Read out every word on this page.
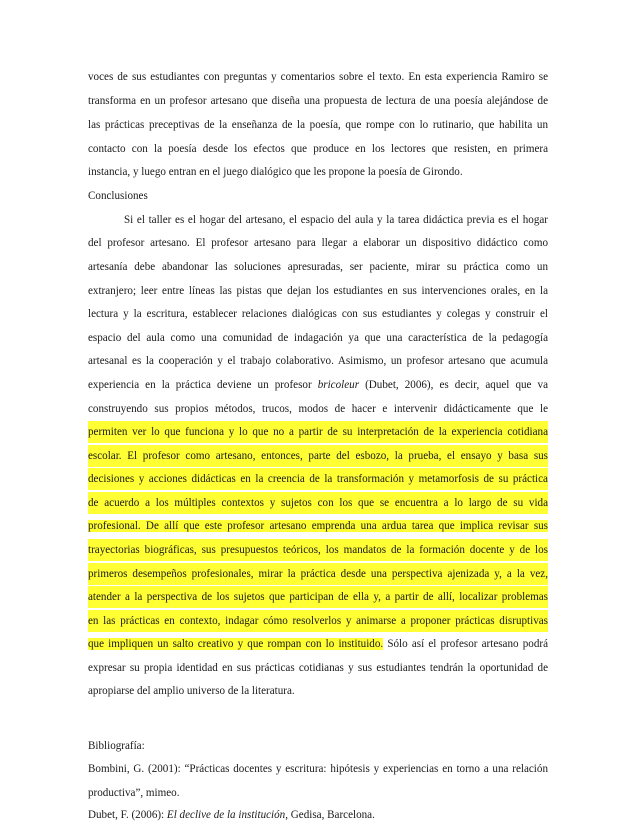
voces de sus estudiantes con preguntas y comentarios sobre el texto. En esta experiencia Ramiro se
transforma en un profesor artesano que diseña una propuesta de lectura de una poesía alejándose de
las prácticas preceptivas de la enseñanza de la poesía, que rompe con lo rutinario, que habilita un
contacto con la poesía desde los efectos que produce en los lectores que resisten, en primera
instancia, y luego entran en el juego dialógico que les propone la poesía de Girondo.
Conclusiones
Si el taller es el hogar del artesano, el espacio del aula y la tarea didáctica previa es el hogar
del profesor artesano. El profesor artesano para llegar a elaborar un dispositivo didáctico como
artesanía debe abandonar las soluciones apresuradas, ser paciente, mirar su práctica como un
extranjero; leer entre líneas las pistas que dejan los estudiantes en sus intervenciones orales, en la
lectura y la escritura, establecer relaciones dialógicas con sus estudiantes y colegas y construir el
espacio del aula como una comunidad de indagación ya que una característica de la pedagogía
artesanal es la cooperación y el trabajo colaborativo. Asimismo, un profesor artesano que acumula
experiencia en la práctica deviene un profesor bricoleur (Dubet, 2006), es decir, aquel que va
construyendo sus propios métodos, trucos, modos de hacer e intervenir didácticamente que le
permiten ver lo que funciona y lo que no a partir de su interpretación de la experiencia cotidiana
escolar. El profesor como artesano, entonces, parte del esbozo, la prueba, el ensayo y basa sus
decisiones y acciones didácticas en la creencia de la transformación y metamorfosis de su práctica
de acuerdo a los múltiples contextos y sujetos con los que se encuentra a lo largo de su vida
profesional. De allí que este profesor artesano emprenda una ardua tarea que implica revisar sus
trayectorias biográficas, sus presupuestos teóricos, los mandatos de la formación docente y de los
primeros desempeños profesionales, mirar la práctica desde una perspectiva ajenizada y, a la vez,
atender a la perspectiva de los sujetos que participan de ella y, a partir de allí, localizar problemas
en las prácticas en contexto, indagar cómo resolverlos y animarse a proponer prácticas disruptivas
que impliquen un salto creativo y que rompan con lo instituido. Sólo así el profesor artesano podrá
expresar su propia identidad en sus prácticas cotidianas y sus estudiantes tendrán la oportunidad de
apropiarse del amplio universo de la literatura.
Bibliografía:
Bombini, G. (2001): “Prácticas docentes y escritura: hipótesis y experiencias en torno a una relación
productiva”, mimeo.
Dubet, F. (2006): El declive de la institución, Gedisa, Barcelona.
